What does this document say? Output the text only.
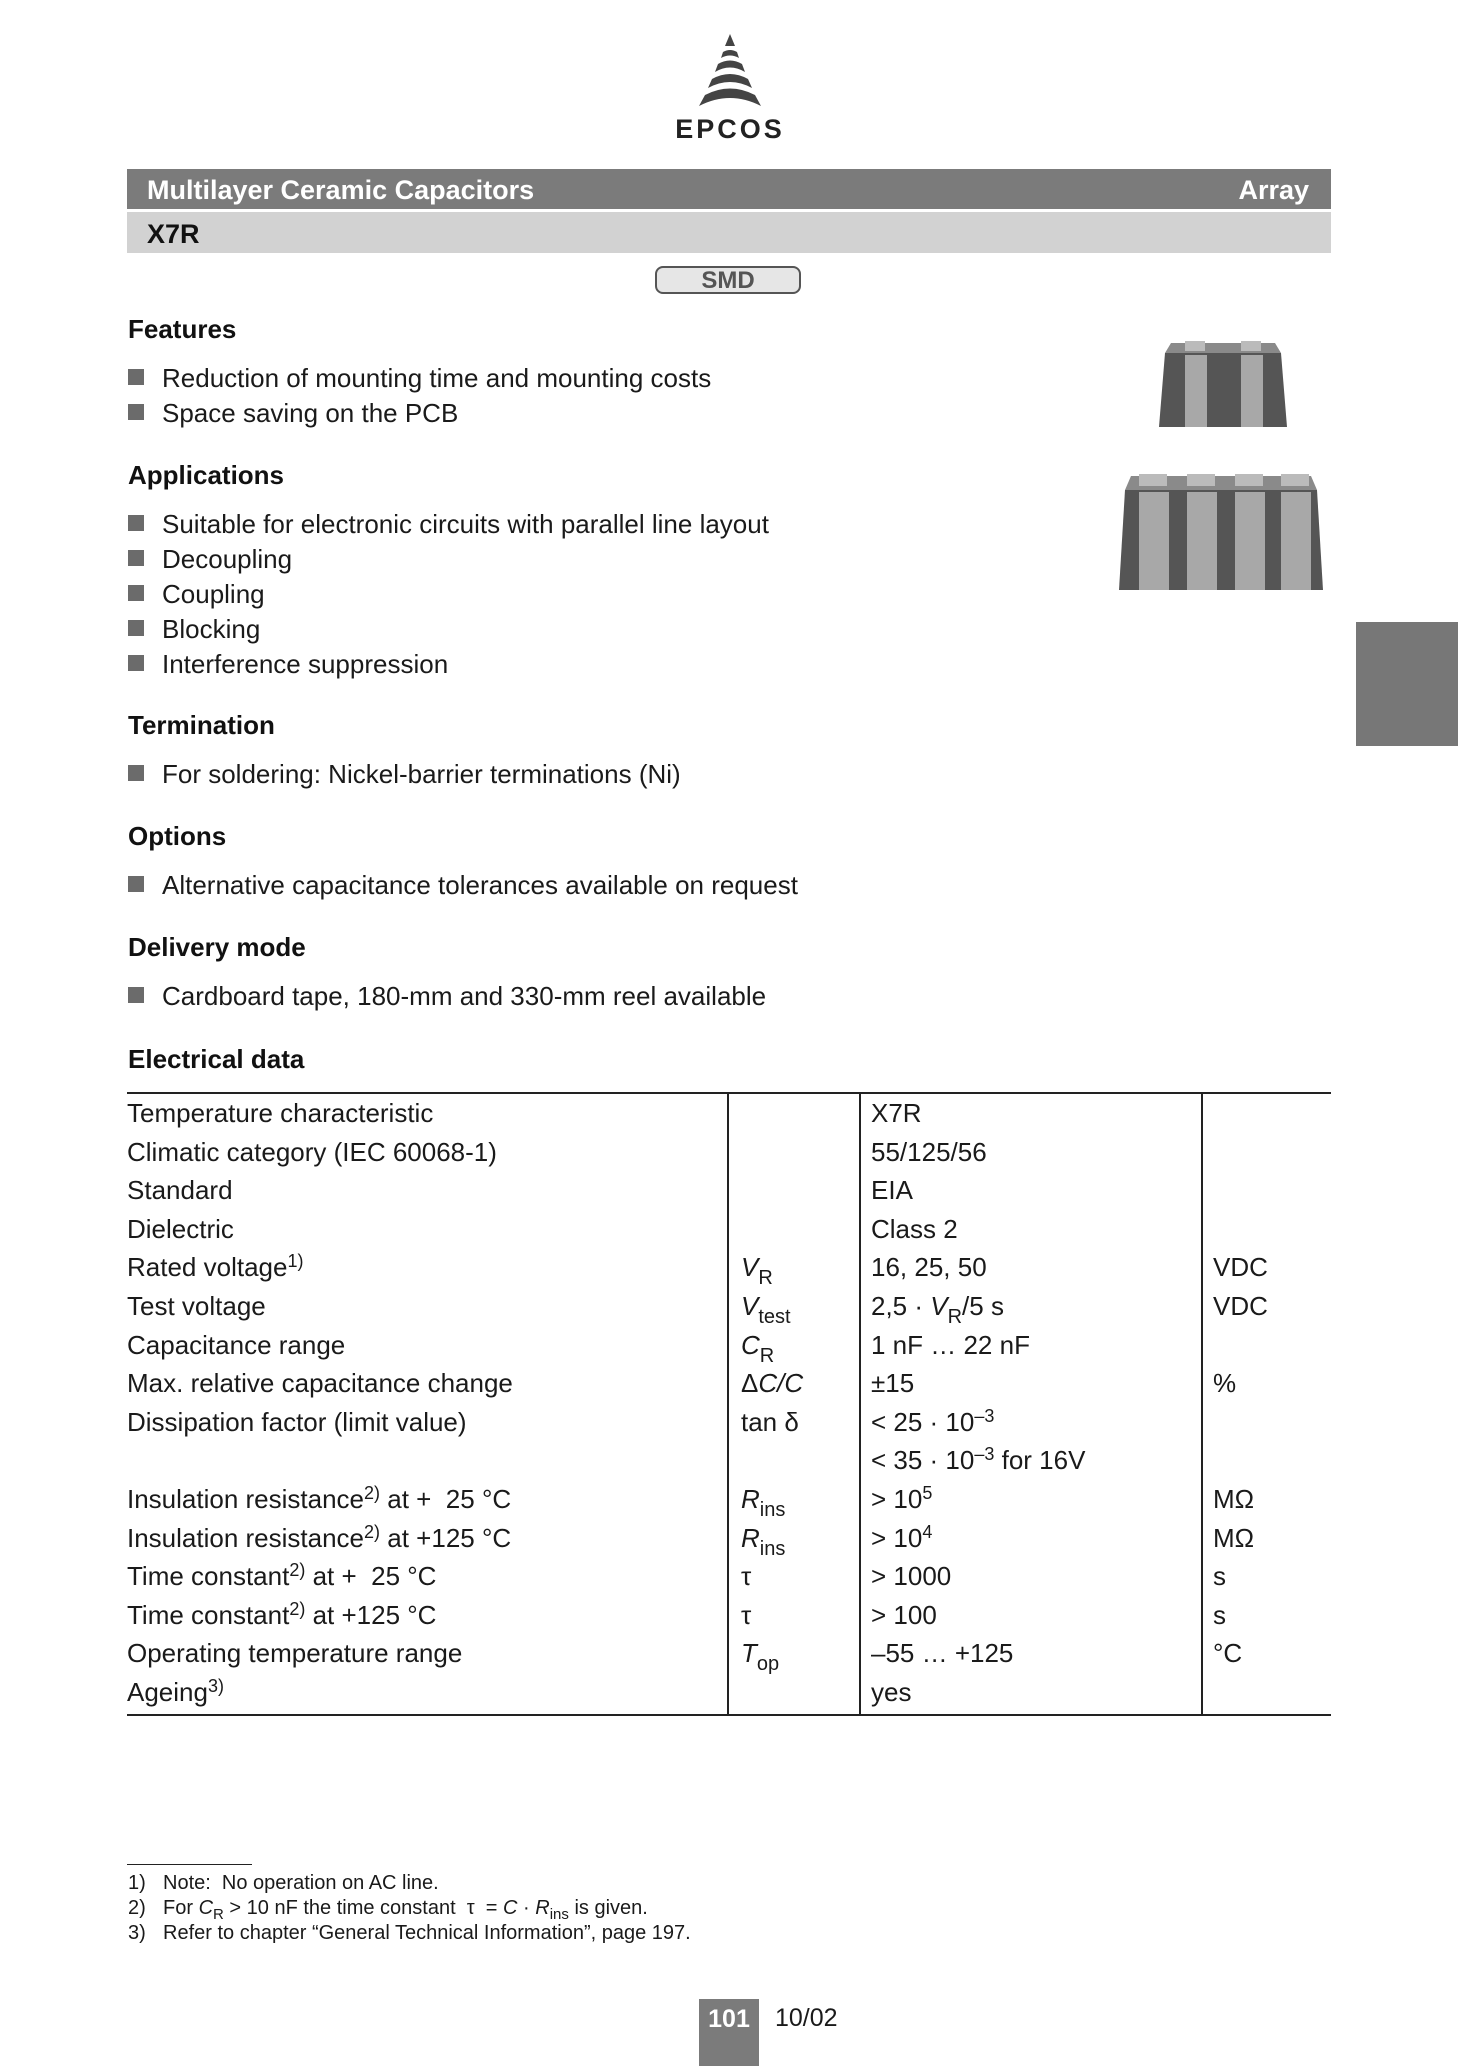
EPCOS
Multilayer Ceramic Capacitors	Array
X7R
SMD
Features
Reduction of mounting time and mounting costs
Space saving on the PCB
Applications
Suitable for electronic circuits with parallel line layout
Decoupling
Coupling
Blocking
Interference suppression
Termination
For soldering: Nickel-barrier terminations (Ni)
Options
Alternative capacitance tolerances available on request
Delivery mode
Cardboard tape, 180-mm and 330-mm reel available
Electrical data
Temperature characteristic		X7R	
Climatic category (IEC 60068-1)		55/125/56	
Standard		EIA	
Dielectric		Class 2	
Rated voltage$^{1)}$	$V_R$	16, 25, 50	VDC
Test voltage	$V_{test}$	$2,5 \cdot V_R/5$ s	VDC
Capacitance range	$C_R$	1 nF … 22 nF	
Max. relative capacitance change	ΔC/C	±15	%
Dissipation factor (limit value)	tan δ	< $25 \cdot 10^{-3}$	
		< $35 \cdot 10^{-3}$ for 16V	
Insulation resistance$^{2)}$ at +  25 °C	$R_{ins}$	> $10^5$	MΩ
Insulation resistance$^{2)}$ at +125 °C	$R_{ins}$	> $10^4$	MΩ
Time constant$^{2)}$ at +  25 °C	τ	> 1000	s
Time constant$^{2)}$ at +125 °C	τ	> 100	s
Operating temperature range	$T_{op}$	–55 … +125	°C
Ageing$^{3)}$		yes	
1) Note:  No operation on AC line.
2) For $C_R > 10$ nF the time constant  $\tau = C \cdot R_{ins}$ is given.
3) Refer to chapter “General Technical Information”, page 197.
101	10/02
